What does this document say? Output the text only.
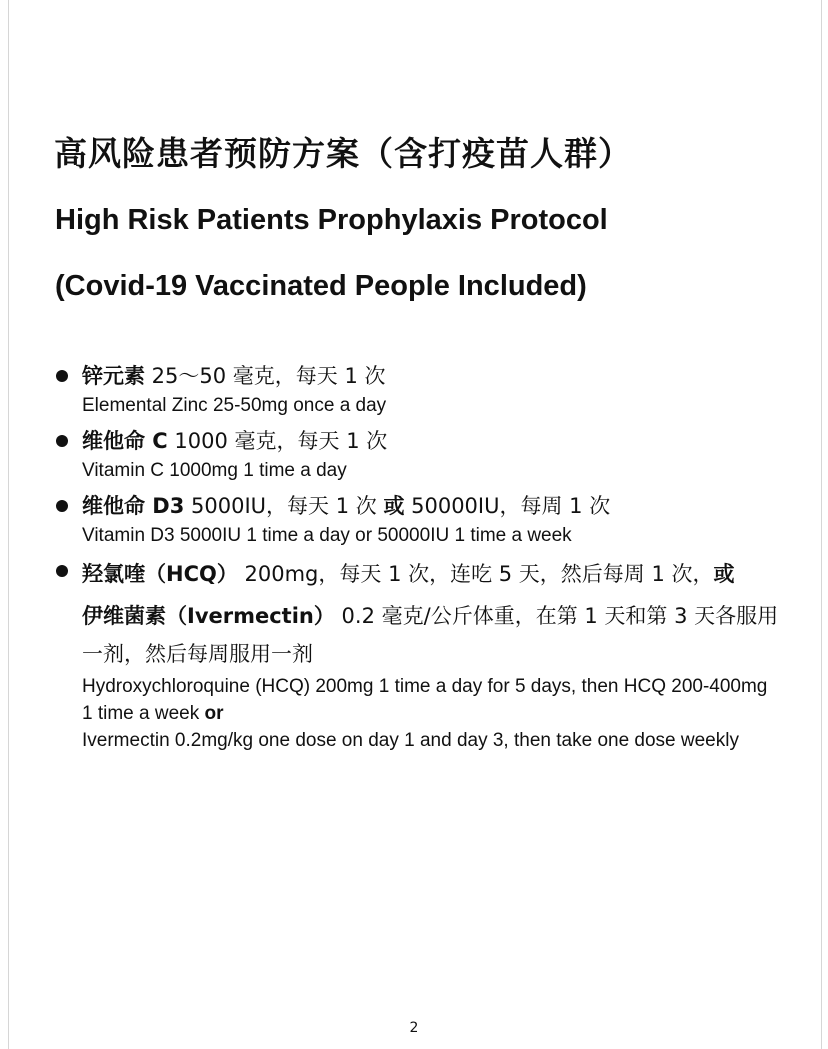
高风险患者预防方案（含打疫苗人群）
High Risk Patients Prophylaxis Protocol
(Covid-19 Vaccinated People Included)
锌元素 25～50 毫克，每天 1 次
Elemental Zinc 25-50mg once a day
维他命 C 1000 毫克，每天 1 次
Vitamin C 1000mg 1 time a day
维他命 D3 5000IU，每天 1 次 或 50000IU，每周 1 次
Vitamin D3 5000IU 1 time a day or 50000IU 1 time a week
羟氯喹（HCQ） 200mg，每天 1 次，连吃 5 天，然后每周 1 次，或
伊维菌素（Ivermectin） 0.2 毫克/公斤体重，在第 1 天和第 3 天各服用一剂，然后每周服用一剂
Hydroxychloroquine (HCQ) 200mg 1 time a day for 5 days, then HCQ 200-400mg 1 time a week or
Ivermectin 0.2mg/kg one dose on day 1 and day 3, then take one dose weekly
2
